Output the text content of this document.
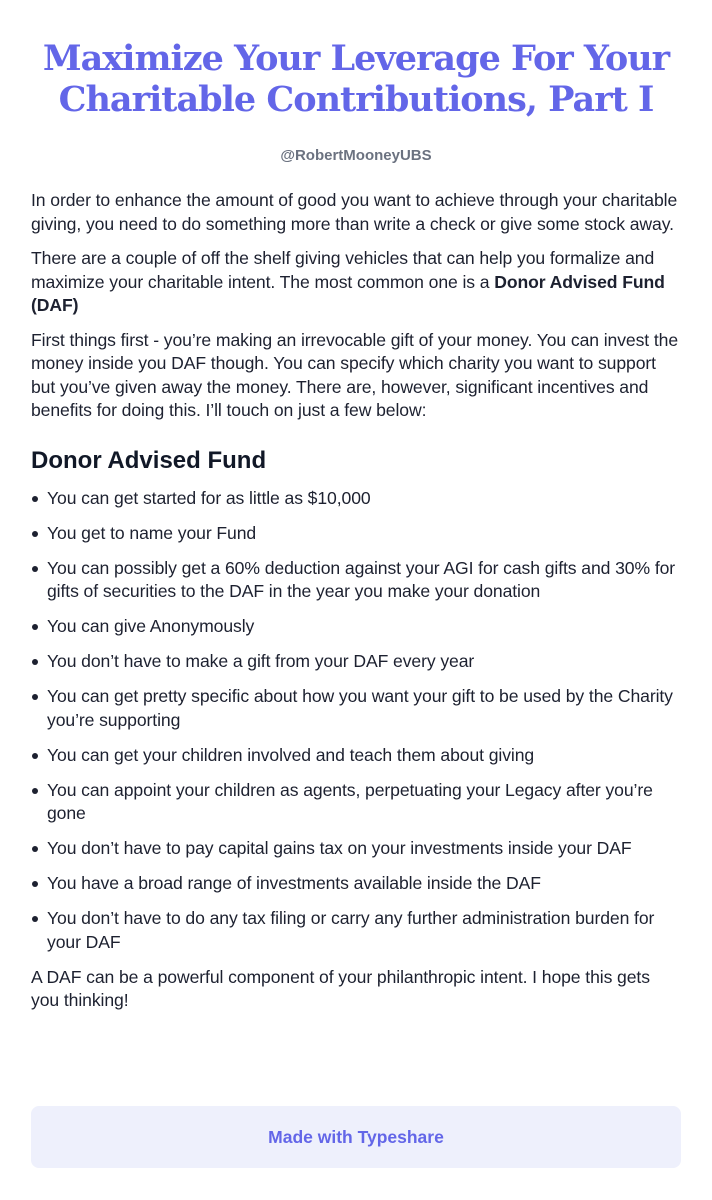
Maximize Your Leverage For Your Charitable Contributions, Part I
@RobertMooneyUBS

In order to enhance the amount of good you want to achieve through your charitable giving, you need to do something more than write a check or give some stock away.

There are a couple of off the shelf giving vehicles that can help you formalize and maximize your charitable intent. The most common one is a Donor Advised Fund (DAF)

First things first - you’re making an irrevocable gift of your money. You can invest the money inside you DAF though. You can specify which charity you want to support but you’ve given away the money. There are, however, significant incentives and benefits for doing this. I’ll touch on just a few below:

Donor Advised Fund
You can get started for as little as $10,000
You get to name your Fund
You can possibly get a 60% deduction against your AGI for cash gifts and 30% for gifts of securities to the DAF in the year you make your donation
You can give Anonymously
You don’t have to make a gift from your DAF every year
You can get pretty specific about how you want your gift to be used by the Charity you’re supporting
You can get your children involved and teach them about giving
You can appoint your children as agents, perpetuating your Legacy after you’re gone
You don’t have to pay capital gains tax on your investments inside your DAF
You have a broad range of investments available inside the DAF
You don’t have to do any tax filing or carry any further administration burden for your DAF

A DAF can be a powerful component of your philanthropic intent. I hope this gets you thinking!

Made with Typeshare
